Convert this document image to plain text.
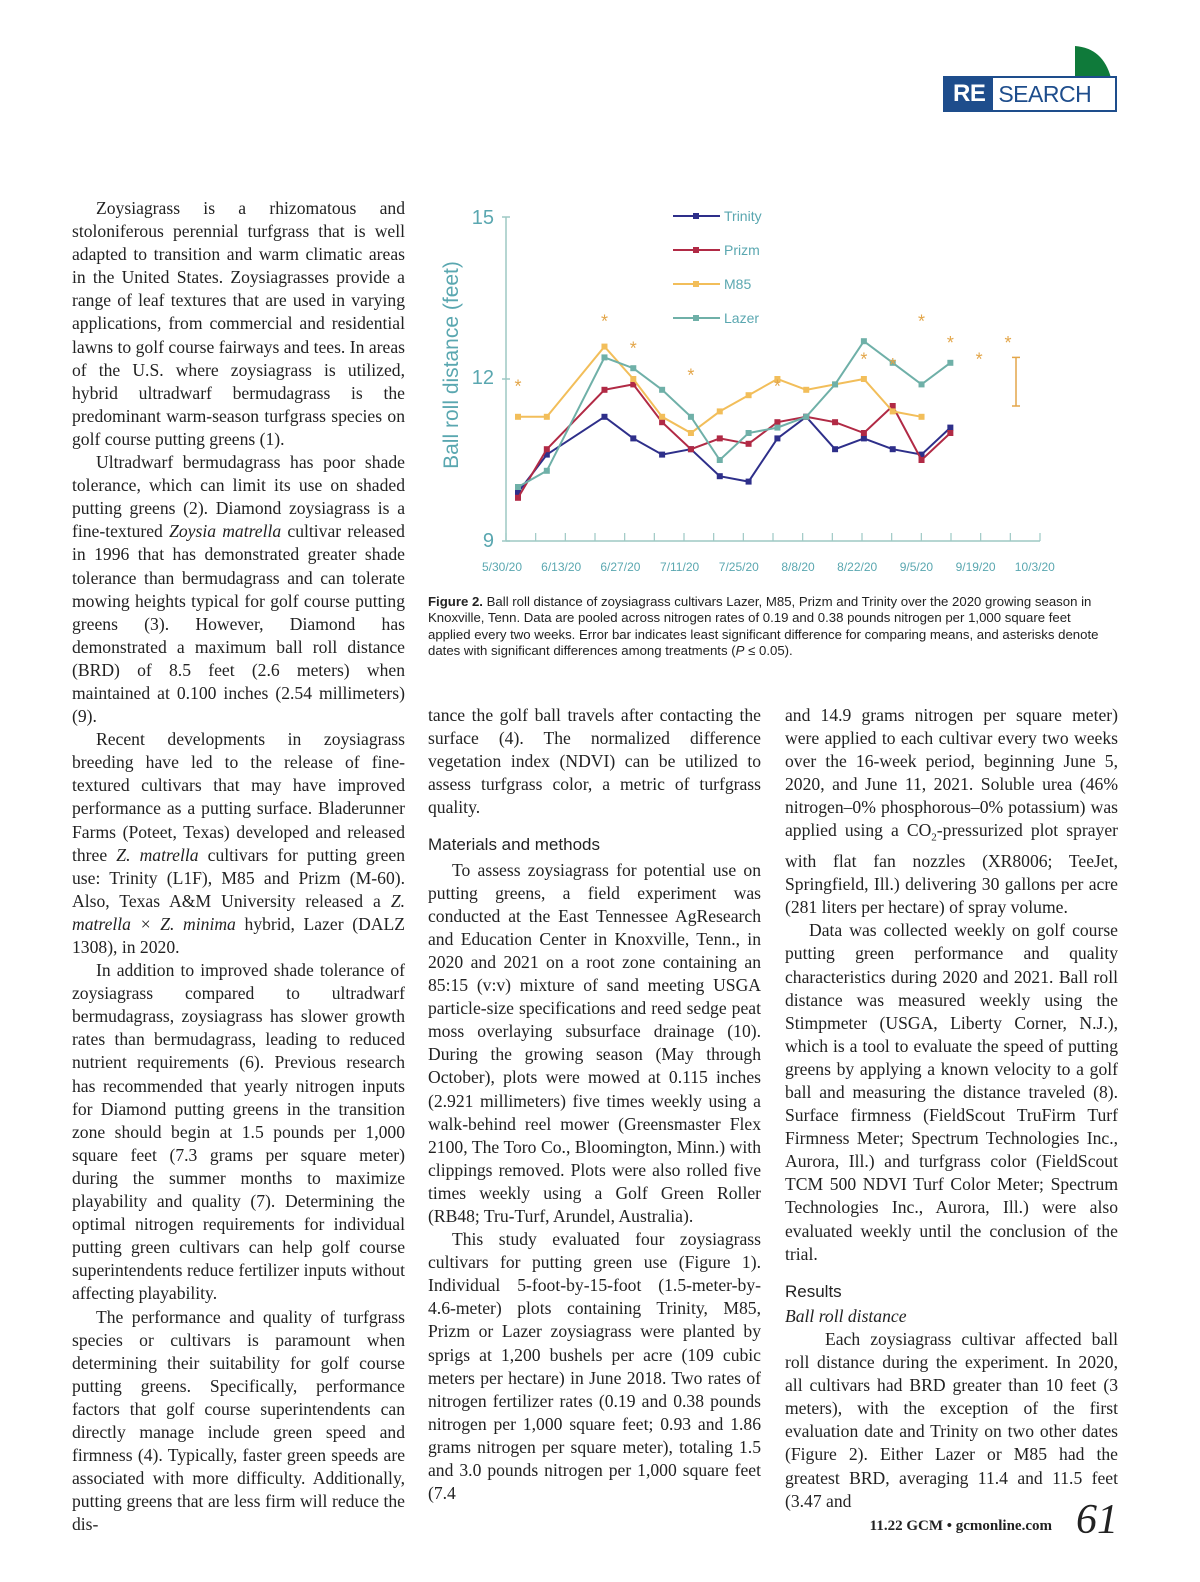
RE SEARCH

Zoysiagrass is a rhizomatous and stoloniferous perennial turfgrass that is well adapted to transition and warm climatic areas in the United States. Zoysiagrasses provide a range of leaf textures that are used in varying applications, from commercial and residential lawns to golf course fairways and tees. In areas of the U.S. where zoysiagrass is utilized, hybrid ultradwarf bermudagrass is the predominant warm-season turfgrass species on golf course putting greens (1).

Ultradwarf bermudagrass has poor shade tolerance, which can limit its use on shaded putting greens (2). Diamond zoysiagrass is a fine-textured Zoysia matrella cultivar released in 1996 that has demonstrated greater shade tolerance than bermudagrass and can tolerate mowing heights typical for golf course putting greens (3). However, Diamond has demonstrated a maximum ball roll distance (BRD) of 8.5 feet (2.6 meters) when maintained at 0.100 inches (2.54 millimeters) (9).

Recent developments in zoysiagrass breeding have led to the release of fine-textured cultivars that may have improved performance as a putting surface. Bladerunner Farms (Poteet, Texas) developed and released three Z. matrella cultivars for putting green use: Trinity (L1F), M85 and Prizm (M-60). Also, Texas A&M University released a Z. matrella × Z. minima hybrid, Lazer (DALZ 1308), in 2020.

In addition to improved shade tolerance of zoysiagrass compared to ultradwarf bermudagrass, zoysiagrass has slower growth rates than bermudagrass, leading to reduced nutrient requirements (6). Previous research has recommended that yearly nitrogen inputs for Diamond putting greens in the transition zone should begin at 1.5 pounds per 1,000 square feet (7.3 grams per square meter) during the summer months to maximize playability and quality (7). Determining the optimal nitrogen requirements for individual putting green cultivars can help golf course superintendents reduce fertilizer inputs without affecting playability.

The performance and quality of turfgrass species or cultivars is paramount when determining their suitability for golf course putting greens. Specifically, performance factors that golf course superintendents can directly manage include green speed and firmness (4). Typically, faster green speeds are associated with more difficulty. Additionally, putting greens that are less firm will reduce the dis-

Ball roll distance (feet)
15
12
9
*
*
*
*
*
* *
*
*
*
*
5/30/20 6/13/20 6/27/20 7/11/20 7/25/20 8/8/20 8/22/20 9/5/20 9/19/20 10/3/20
Trinity
Prizm
M85
Lazer
Figure 2. Ball roll distance of zoysiagrass cultivars Lazer, M85, Prizm and Trinity over the 2020 growing season in Knoxville, Tenn. Data are pooled across nitrogen rates of 0.19 and 0.38 pounds nitrogen per 1,000 square feet applied every two weeks. Error bar indicates least significant difference for comparing means, and asterisks denote dates with significant differences among treatments (P ≤ 0.05).

tance the golf ball travels after contacting the surface (4). The normalized difference vegetation index (NDVI) can be utilized to assess turfgrass color, a metric of turfgrass quality.

Materials and methods

To assess zoysiagrass for potential use on putting greens, a field experiment was conducted at the East Tennessee AgResearch and Education Center in Knoxville, Tenn., in 2020 and 2021 on a root zone containing an 85:15 (v:v) mixture of sand meeting USGA particle-size specifications and reed sedge peat moss overlaying subsurface drainage (10). During the growing season (May through October), plots were mowed at 0.115 inches (2.921 millimeters) five times weekly using a walk-behind reel mower (Greensmaster Flex 2100, The Toro Co., Bloomington, Minn.) with clippings removed. Plots were also rolled five times weekly using a Golf Green Roller (RB48; Tru-Turf, Arundel, Australia).

This study evaluated four zoysiagrass cultivars for putting green use (Figure 1). Individual 5-foot-by-15-foot (1.5-meter-by-4.6-meter) plots containing Trinity, M85, Prizm or Lazer zoysiagrass were planted by sprigs at 1,200 bushels per acre (109 cubic meters per hectare) in June 2018. Two rates of nitrogen fertilizer rates (0.19 and 0.38 pounds nitrogen per 1,000 square feet; 0.93 and 1.86 grams nitrogen per square meter), totaling 1.5 and 3.0 pounds nitrogen per 1,000 square feet (7.4

and 14.9 grams nitrogen per square meter) were applied to each cultivar every two weeks over the 16-week period, beginning June 5, 2020, and June 11, 2021. Soluble urea (46% nitrogen–0% phosphorous–0% potassium) was applied using a $CO_2$-pressurized plot sprayer with flat fan nozzles (XR8006; TeeJet, Springfield, Ill.) delivering 30 gallons per acre (281 liters per hectare) of spray volume.

Data was collected weekly on golf course putting green performance and quality characteristics during 2020 and 2021. Ball roll distance was measured weekly using the Stimpmeter (USGA, Liberty Corner, N.J.), which is a tool to evaluate the speed of putting greens by applying a known velocity to a golf ball and measuring the distance traveled (8). Surface firmness (FieldScout TruFirm Turf Firmness Meter; Spectrum Technologies Inc., Aurora, Ill.) and turfgrass color (FieldScout TCM 500 NDVI Turf Color Meter; Spectrum Technologies Inc., Aurora, Ill.) were also evaluated weekly until the conclusion of the trial.

Results
Ball roll distance

Each zoysiagrass cultivar affected ball roll distance during the experiment. In 2020, all cultivars had BRD greater than 10 feet (3 meters), with the exception of the first evaluation date and Trinity on two other dates (Figure 2). Either Lazer or M85 had the greatest BRD, averaging 11.4 and 11.5 feet (3.47 and

11.22 GCM • gcmonline.com 61
